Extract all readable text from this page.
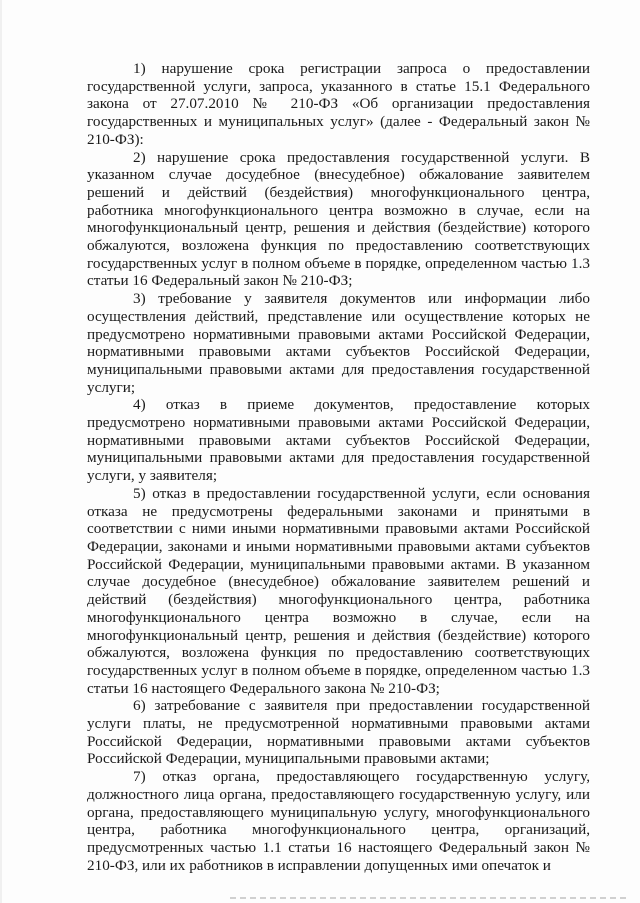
1) нарушение срока регистрации запроса о предоставлении государственной услуги, запроса, указанного в статье 15.1 Федерального закона от 27.07.2010 № 210-ФЗ «Об организации предоставления государственных и муниципальных услуг» (далее - Федеральный закон № 210-ФЗ):

2) нарушение срока предоставления государственной услуги. В указанном случае досудебное (внесудебное) обжалование заявителем решений и действий (бездействия) многофункционального центра, работника многофункционального центра возможно в случае, если на многофункциональный центр, решения и действия (бездействие) которого обжалуются, возложена функция по предоставлению соответствующих государственных услуг в полном объеме в порядке, определенном частью 1.3 статьи 16 Федеральный закон № 210-ФЗ;

3) требование у заявителя документов или информации либо осуществления действий, представление или осуществление которых не предусмотрено нормативными правовыми актами Российской Федерации, нормативными правовыми актами субъектов Российской Федерации, муниципальными правовыми актами для предоставления государственной услуги;

4) отказ в приеме документов, предоставление которых предусмотрено нормативными правовыми актами Российской Федерации, нормативными правовыми актами субъектов Российской Федерации, муниципальными правовыми актами для предоставления государственной услуги, у заявителя;

5) отказ в предоставлении государственной услуги, если основания отказа не предусмотрены федеральными законами и принятыми в соответствии с ними иными нормативными правовыми актами Российской Федерации, законами и иными нормативными правовыми актами субъектов Российской Федерации, муниципальными правовыми актами. В указанном случае досудебное (внесудебное) обжалование заявителем решений и действий (бездействия) многофункционального центра, работника многофункционального центра возможно в случае, если на многофункциональный центр, решения и действия (бездействие) которого обжалуются, возложена функция по предоставлению соответствующих государственных услуг в полном объеме в порядке, определенном частью 1.3 статьи 16 настоящего Федерального закона № 210-ФЗ;

6) затребование с заявителя при предоставлении государственной услуги платы, не предусмотренной нормативными правовыми актами Российской Федерации, нормативными правовыми актами субъектов Российской Федерации, муниципальными правовыми актами;

7) отказ органа, предоставляющего государственную услугу, должностного лица органа, предоставляющего государственную услугу, или органа, предоставляющего муниципальную услугу, многофункционального центра, работника многофункционального центра, организаций, предусмотренных частью 1.1 статьи 16 настоящего Федеральный закон № 210-ФЗ, или их работников в исправлении допущенных ими опечаток и
